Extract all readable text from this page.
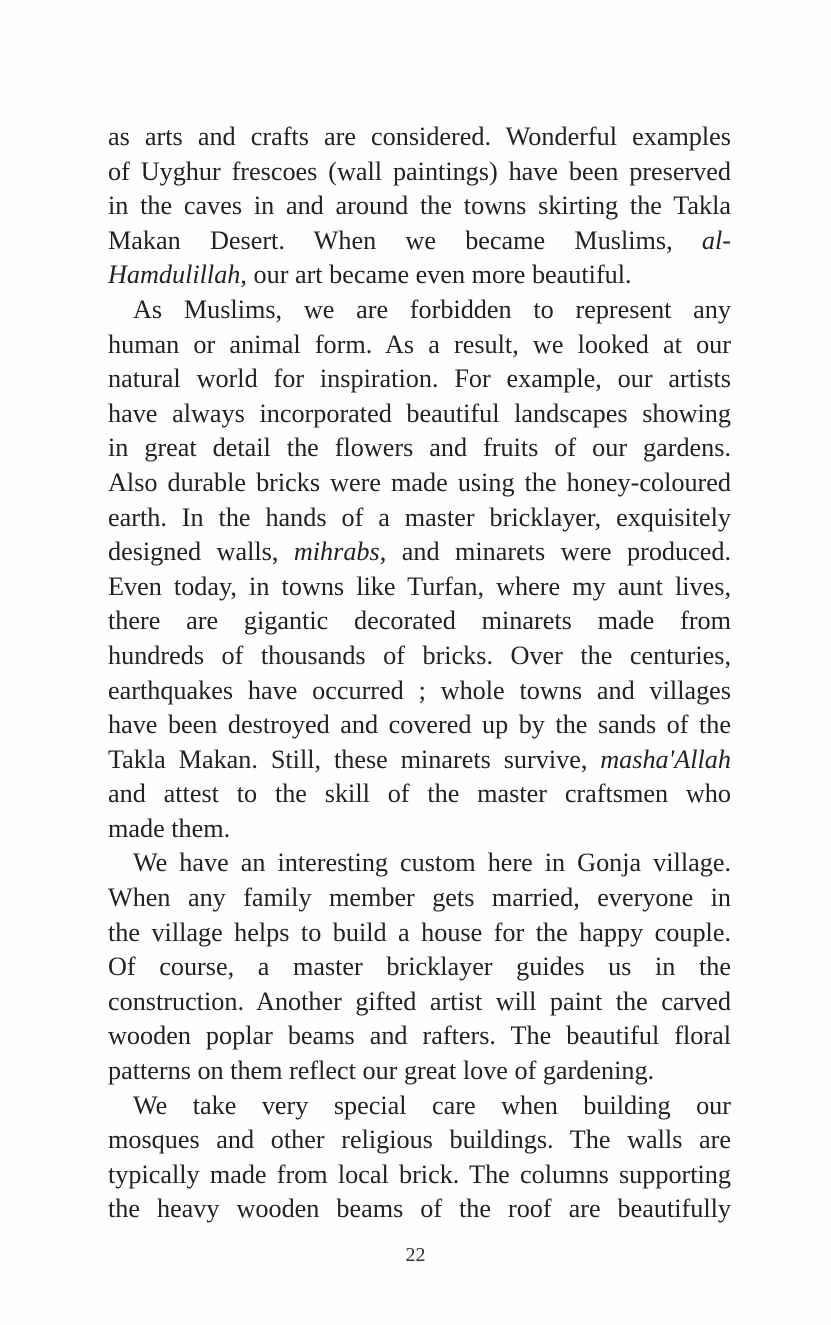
as arts and crafts are considered. Wonderful examples
of Uyghur frescoes (wall paintings) have been preserved
in the caves in and around the towns skirting the Takla
Makan Desert. When we became Muslims, al-
Hamdulillah, our art became even more beautiful.
As Muslims, we are forbidden to represent any
human or animal form. As a result, we looked at our
natural world for inspiration. For example, our artists
have always incorporated beautiful landscapes showing
in great detail the flowers and fruits of our gardens.
Also durable bricks were made using the honey-coloured
earth. In the hands of a master bricklayer, exquisitely
designed walls, mihrabs, and minarets were produced.
Even today, in towns like Turfan, where my aunt lives,
there are gigantic decorated minarets made from
hundreds of thousands of bricks. Over the centuries,
earthquakes have occurred ; whole towns and villages
have been destroyed and covered up by the sands of the
Takla Makan. Still, these minarets survive, masha'Allah
and attest to the skill of the master craftsmen who
made them.
We have an interesting custom here in Gonja village.
When any family member gets married, everyone in
the village helps to build a house for the happy couple.
Of course, a master bricklayer guides us in the
construction. Another gifted artist will paint the carved
wooden poplar beams and rafters. The beautiful floral
patterns on them reflect our great love of gardening.
We take very special care when building our
mosques and other religious buildings. The walls are
typically made from local brick. The columns supporting
the heavy wooden beams of the roof are beautifully
22
